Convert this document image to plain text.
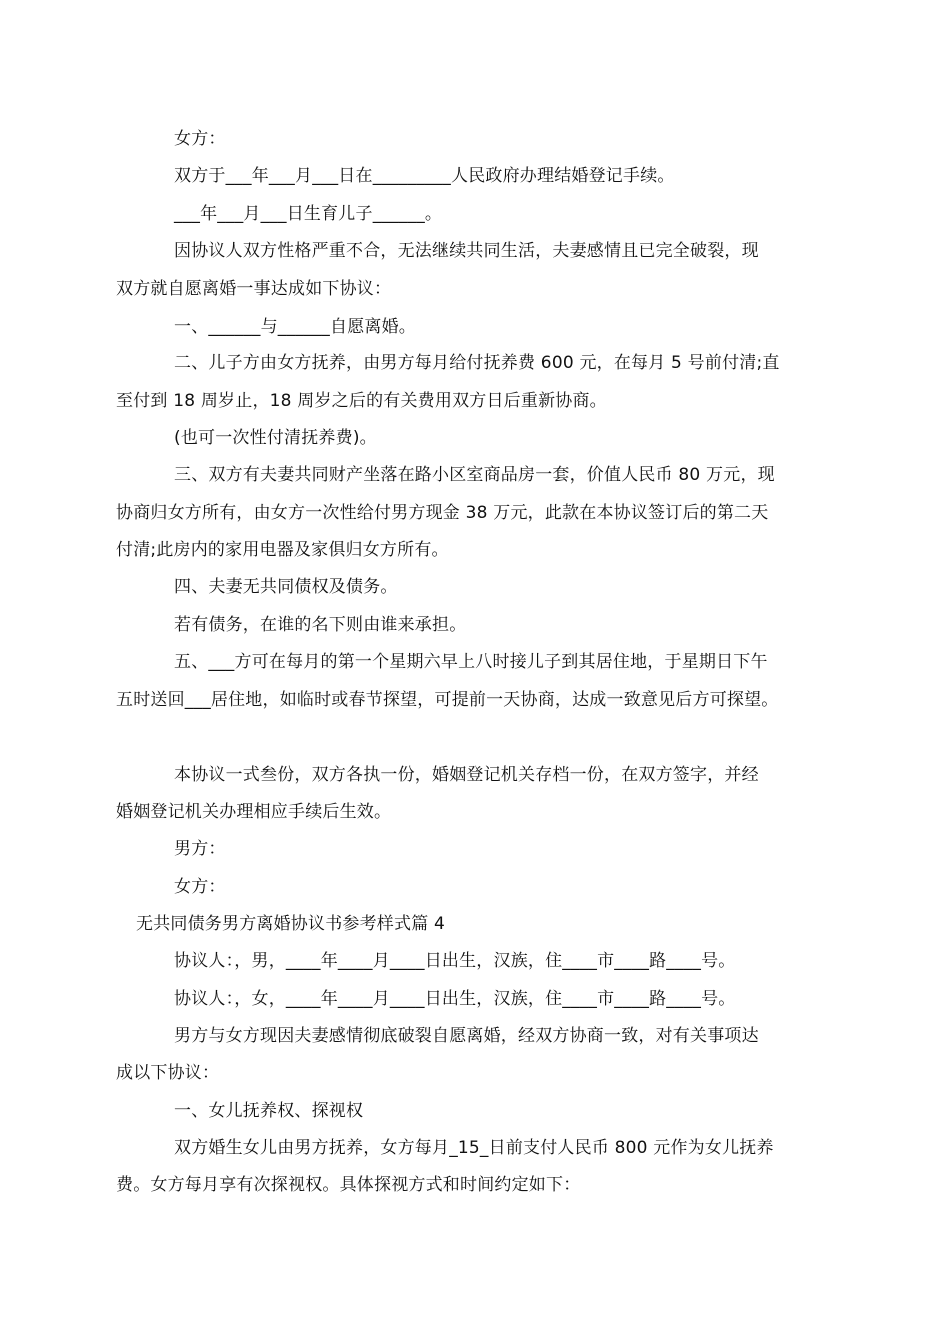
女方：
双方于___年___月___日在_________人民政府办理结婚登记手续。
___年___月___日生育儿子______。
因协议人双方性格严重不合，无法继续共同生活，夫妻感情且已完全破裂，现
双方就自愿离婚一事达成如下协议：
一、______与______自愿离婚。
二、儿子方由女方抚养，由男方每月给付抚养费 600 元，在每月 5 号前付清;直
至付到 18 周岁止，18 周岁之后的有关费用双方日后重新协商。
(也可一次性付清抚养费)。
三、双方有夫妻共同财产坐落在路小区室商品房一套，价值人民币 80 万元，现
协商归女方所有，由女方一次性给付男方现金 38 万元，此款在本协议签订后的第二天
付清;此房内的家用电器及家俱归女方所有。
四、夫妻无共同债权及债务。
若有债务，在谁的名下则由谁来承担。
五、___方可在每月的第一个星期六早上八时接儿子到其居住地，于星期日下午
五时送回___居住地，如临时或春节探望，可提前一天协商，达成一致意见后方可探望。
本协议一式叁份，双方各执一份，婚姻登记机关存档一份，在双方签字，并经
婚姻登记机关办理相应手续后生效。
男方：
女方：
无共同债务男方离婚协议书参考样式篇 4
协议人：，男，____年____月____日出生，汉族，住____市____路____号。
协议人：，女，____年____月____日出生，汉族，住____市____路____号。
男方与女方现因夫妻感情彻底破裂自愿离婚，经双方协商一致，对有关事项达
成以下协议：
一、女儿抚养权、探视权
双方婚生女儿由男方抚养，女方每月_15_日前支付人民币 800 元作为女儿抚养
费。女方每月享有次探视权。具体探视方式和时间约定如下：
